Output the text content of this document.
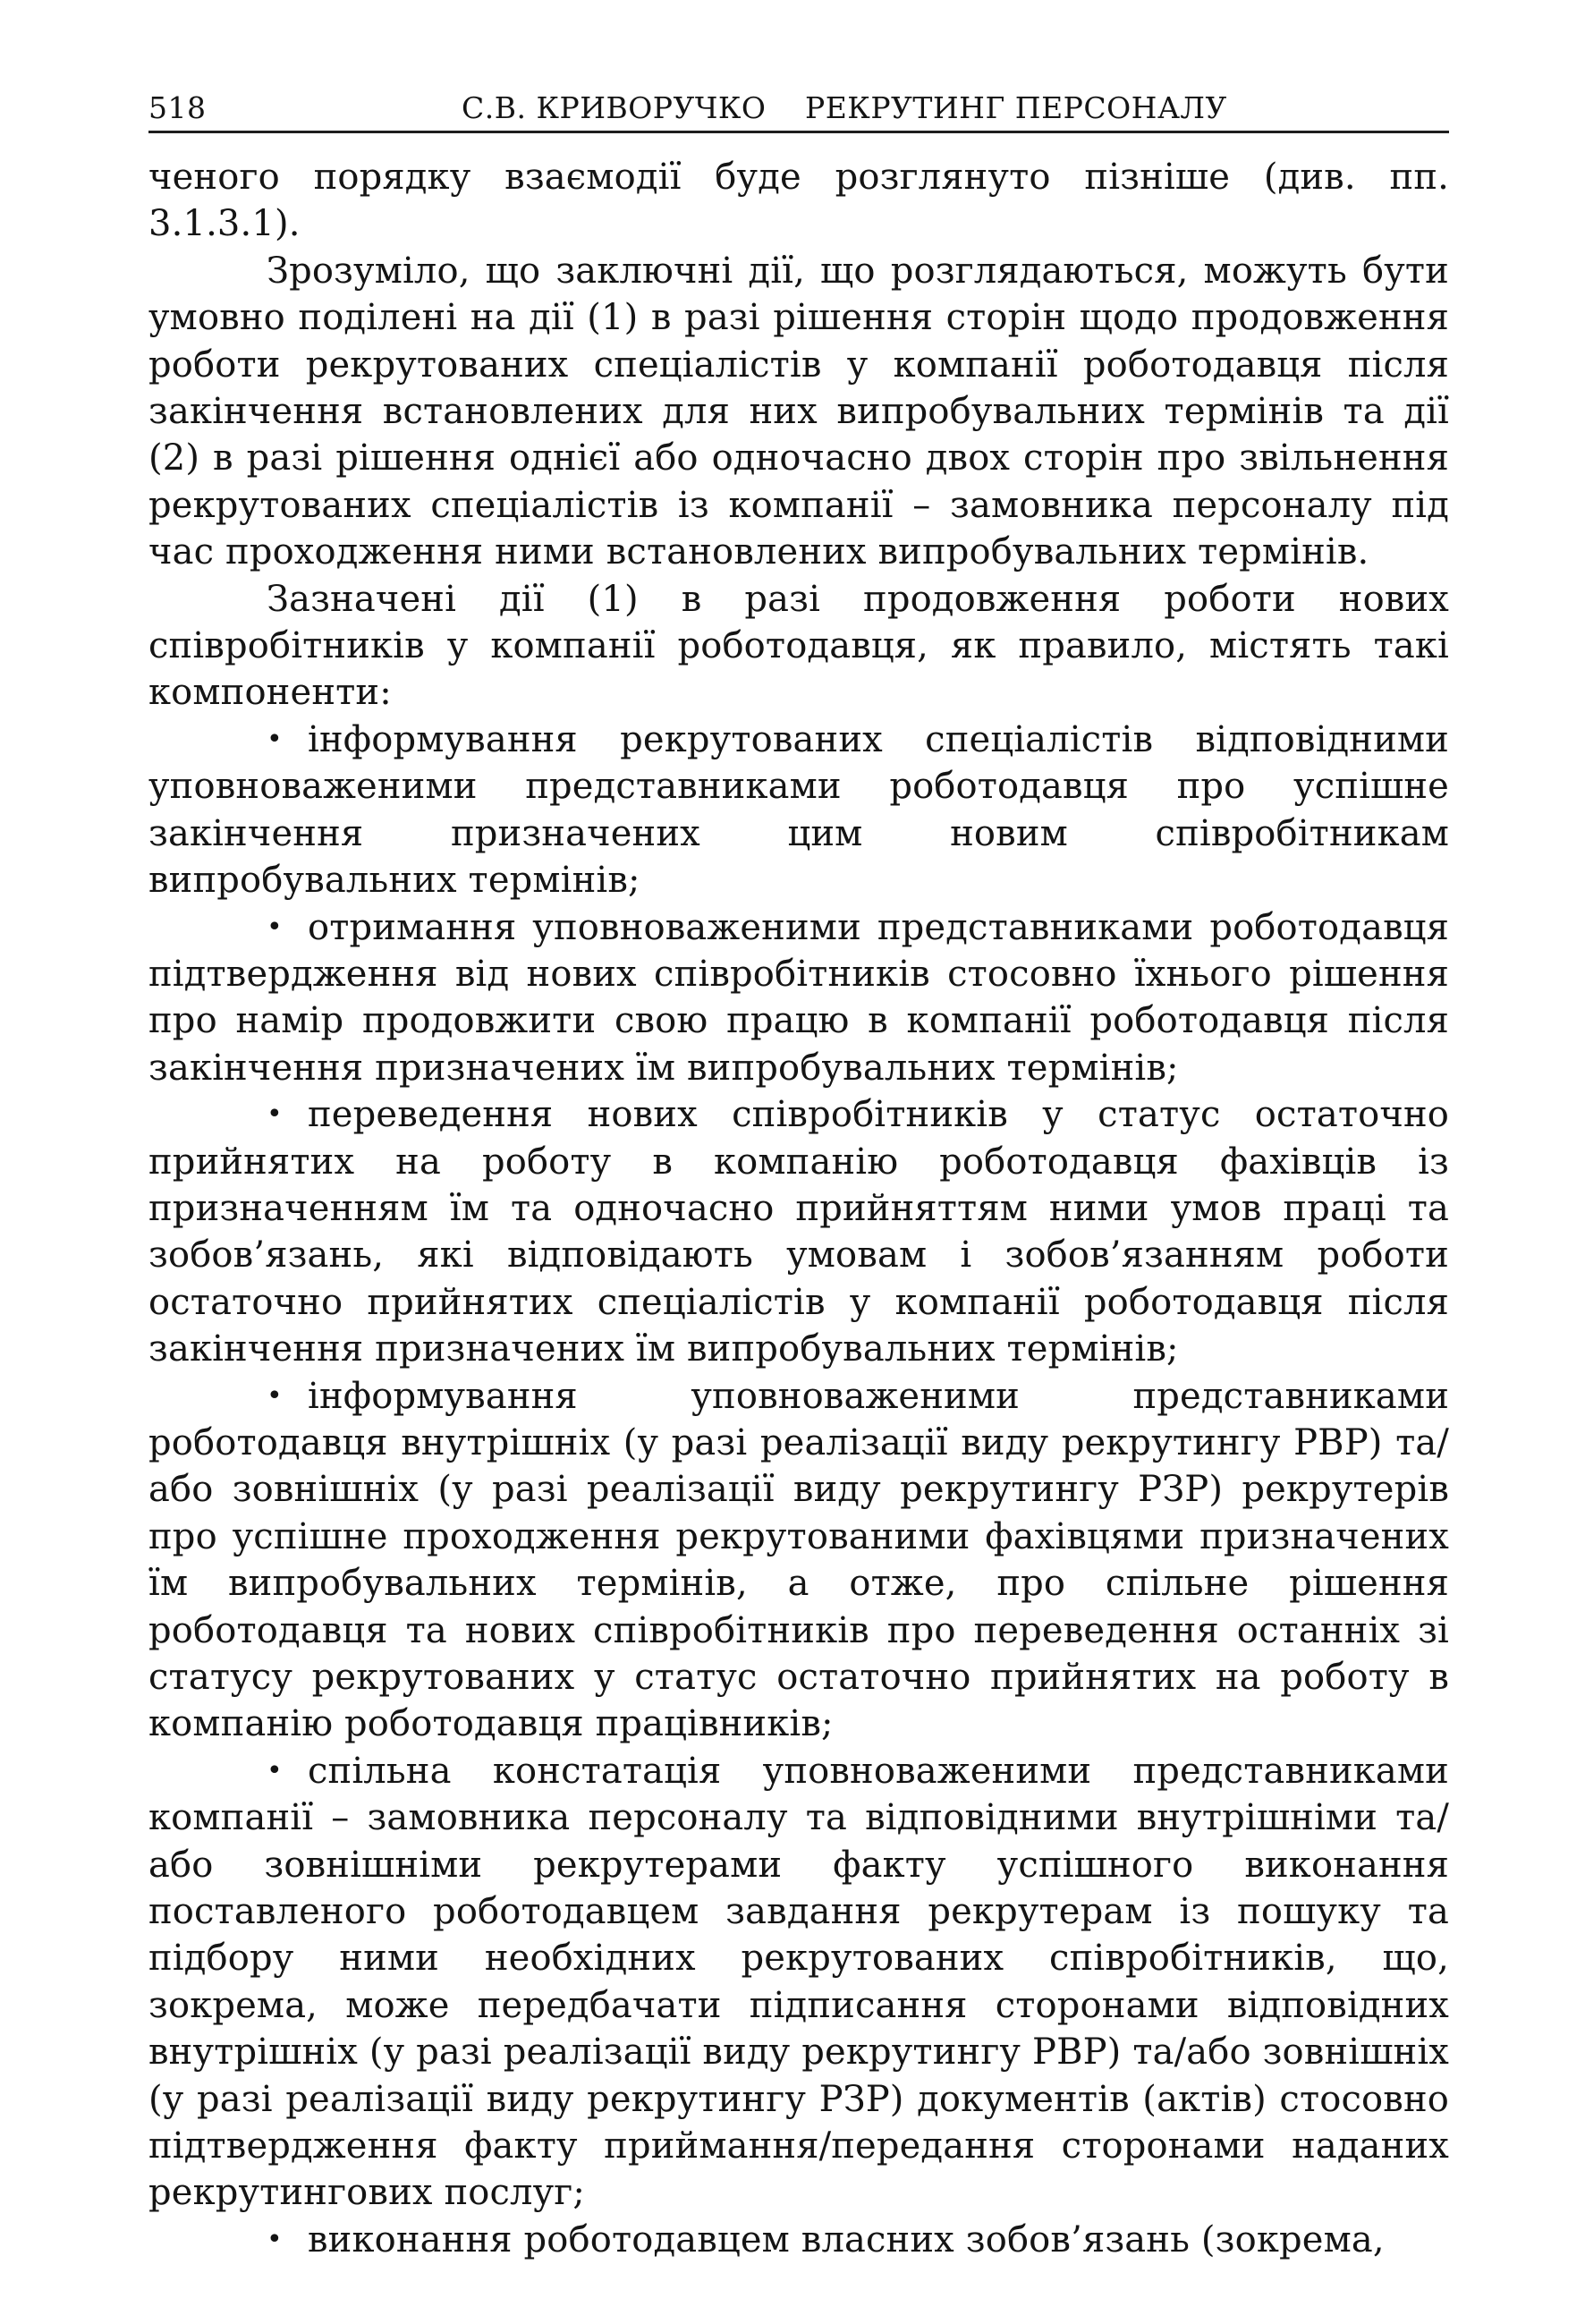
518	С.В. КРИВОРУЧКО РЕКРУТИНГ ПЕРСОНАЛУ

ченого порядку взаємодії буде розглянуто пізніше (див. пп. 3.1.3.1).

Зрозуміло, що заключні дії, що розглядаються, можуть бути умовно поділені на дії (1) в разі рішення сторін щодо продовження роботи рекрутованих спеціалістів у компанії роботодавця після закінчення встановлених для них випробувальних термінів та дії (2) в разі рішення однієї або одночасно двох сторін про звільнення рекрутованих спеціалістів із компанії – замовника персоналу під час проходження ними встановлених випробувальних термінів.

Зазначені дії (1) в разі продовження роботи нових співробітників у компанії роботодавця, як правило, містять такі компоненти:

• інформування рекрутованих спеціалістів відповідними уповноваженими представниками роботодавця про успішне закінчення призначених цим новим співробітникам випробувальних термінів;

• отримання уповноваженими представниками роботодавця підтвердження від нових співробітників стосовно їхнього рішення про намір продовжити свою працю в компанії роботодавця після закінчення призначених їм випробувальних термінів;

• переведення нових співробітників у статус остаточно прийнятих на роботу в компанію роботодавця фахівців із призначенням їм та одночасно прийняттям ними умов праці та зобов’язань, які відповідають умовам і зобов’язанням роботи остаточно прийнятих спеціалістів у компанії роботодавця після закінчення призначених їм випробувальних термінів;

• інформування уповноваженими представниками роботодавця внутрішніх (у разі реалізації виду рекрутингу РВР) та/або зовнішніх (у разі реалізації виду рекрутингу РЗР) рекрутерів про успішне проходження рекрутованими фахівцями призначених їм випробувальних термінів, а отже, про спільне рішення роботодавця та нових співробітників про переведення останніх зі статусу рекрутованих у статус остаточно прийнятих на роботу в компанію роботодавця працівників;

• спільна констатація уповноваженими представниками компанії – замовника персоналу та відповідними внутрішніми та/або зовнішніми рекрутерами факту успішного виконання поставленого роботодавцем завдання рекрутерам із пошуку та підбору ними необхідних рекрутованих співробітників, що, зокрема, може передбачати підписання сторонами відповідних внутрішніх (у разі реалізації виду рекрутингу РВР) та/або зовнішніх (у разі реалізації виду рекрутингу РЗР) документів (актів) стосовно підтвердження факту приймання/передання сторонами наданих рекрутингових послуг;

• виконання роботодавцем власних зобов’язань (зокрема,
